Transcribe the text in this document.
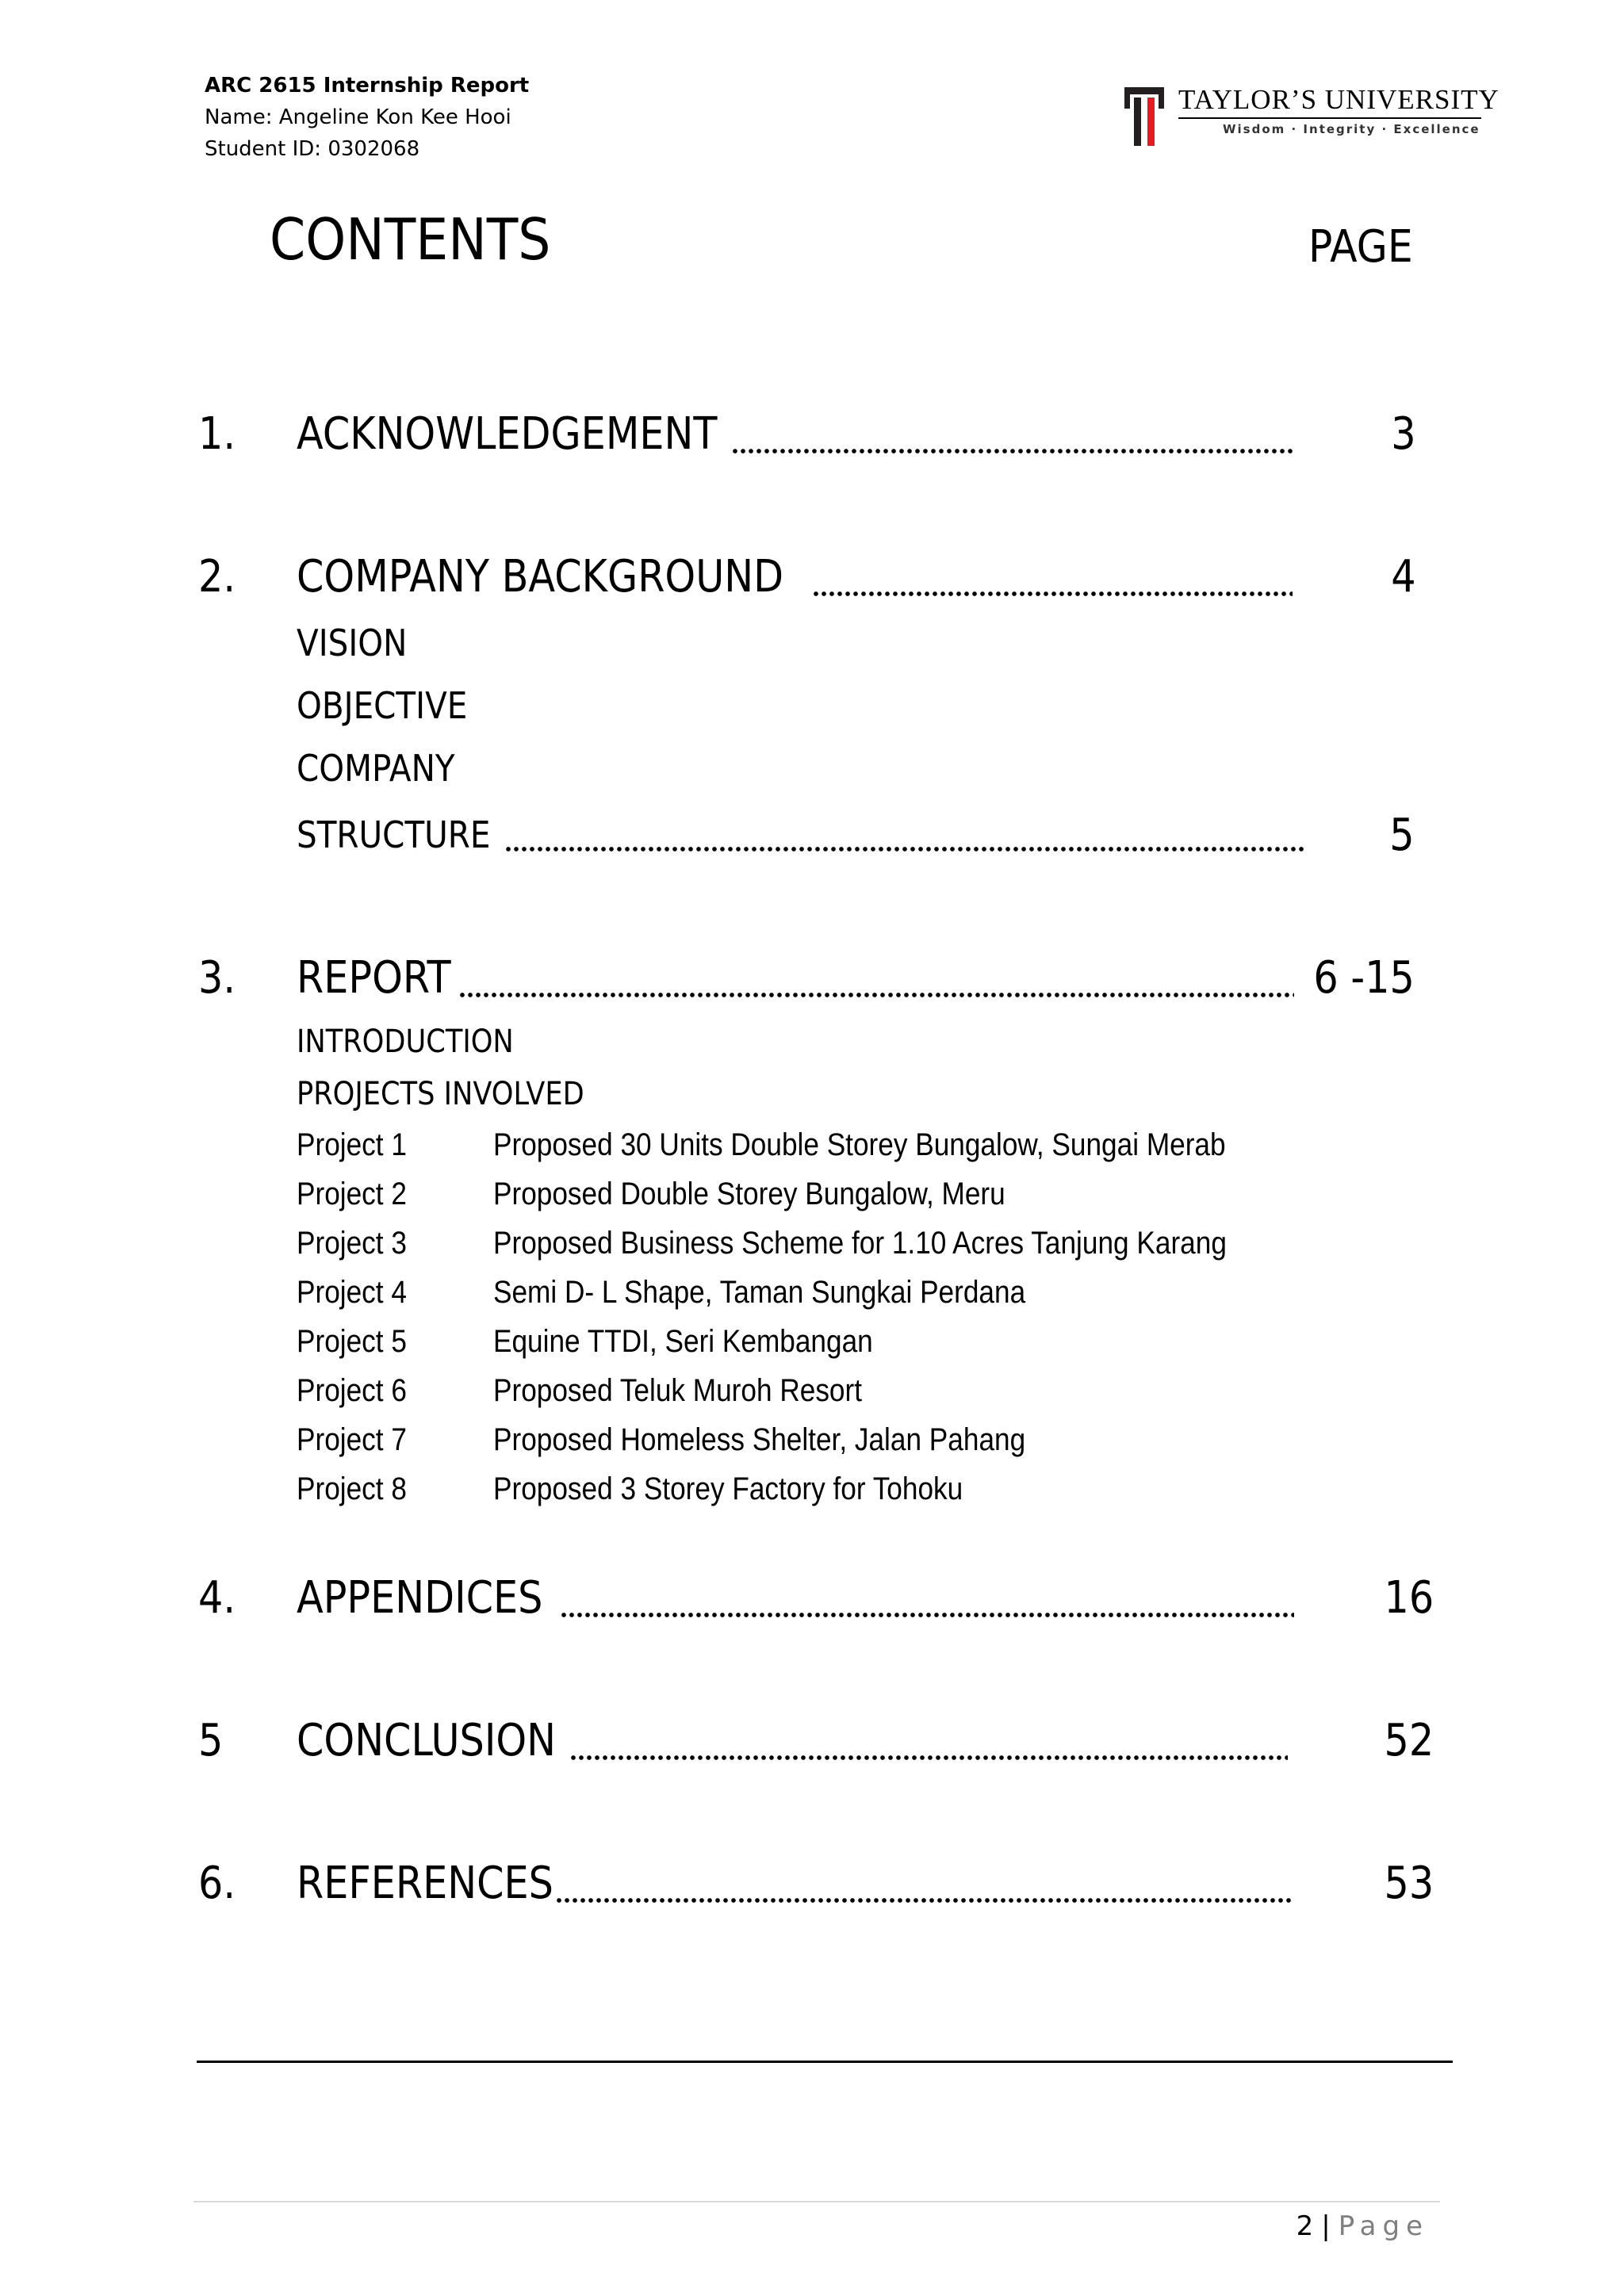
ARC 2615 Internship Report
Name: Angeline Kon Kee Hooi
Student ID: 0302068
TAYLOR’S UNIVERSITY
Wisdom · Integrity · Excellence
CONTENTS	PAGE
1. ACKNOWLEDGEMENT	3
2. COMPANY BACKGROUND	4
VISION
OBJECTIVE
COMPANY
STRUCTURE	5
3. REPORT	6 -15
INTRODUCTION
PROJECTS INVOLVED
Project 1	Proposed 30 Units Double Storey Bungalow, Sungai Merab
Project 2	Proposed Double Storey Bungalow, Meru
Project 3	Proposed Business Scheme for 1.10 Acres Tanjung Karang
Project 4	Semi D- L Shape, Taman Sungkai Perdana
Project 5	Equine TTDI, Seri Kembangan
Project 6	Proposed Teluk Muroh Resort
Project 7	Proposed Homeless Shelter, Jalan Pahang
Project 8	Proposed 3 Storey Factory for Tohoku
4. APPENDICES	16
5 CONCLUSION	52
6. REFERENCES	53
2 | Page
